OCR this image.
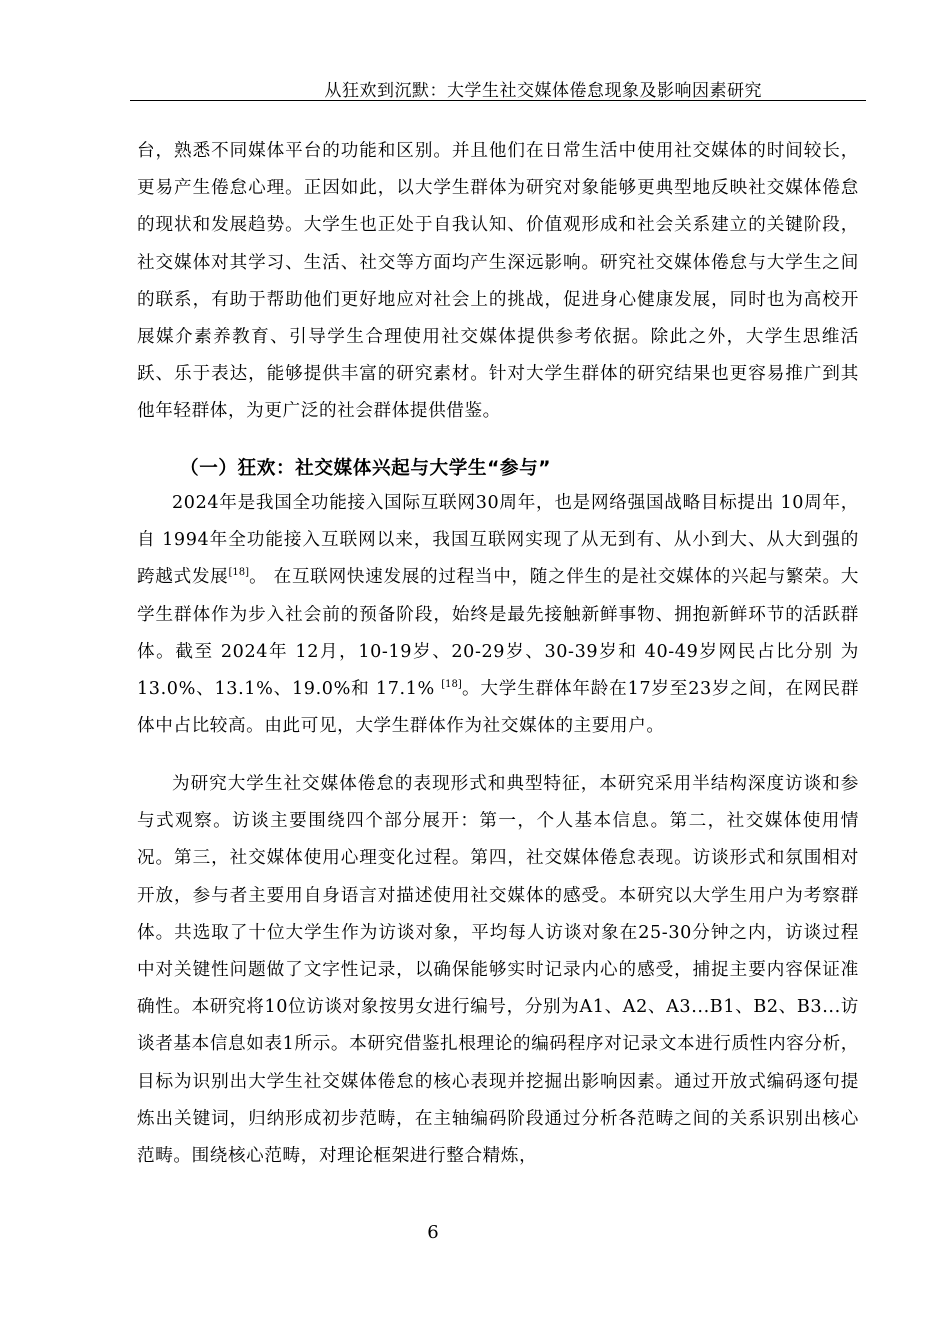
从狂欢到沉默：大学生社交媒体倦怠现象及影响因素研究

台，熟悉不同媒体平台的功能和区别。并且他们在日常生活中使用社交媒体的时间较长，更易产生倦怠心理。正因如此，以大学生群体为研究对象能够更典型地反映社交媒体倦怠的现状和发展趋势。大学生也正处于自我认知、价值观形成和社会关系建立的关键阶段，社交媒体对其学习、生活、社交等方面均产生深远影响。研究社交媒体倦怠与大学生之间的联系，有助于帮助他们更好地应对社会上的挑战，促进身心健康发展，同时也为高校开展媒介素养教育、引导学生合理使用社交媒体提供参考依据。除此之外，大学生思维活跃、乐于表达，能够提供丰富的研究素材。针对大学生群体的研究结果也更容易推广到其他年轻群体，为更广泛的社会群体提供借鉴。

（一）狂欢：社交媒体兴起与大学生“参与”

2024年是我国全功能接入国际互联网30周年，也是网络强国战略目标提出 10周年，自 1994年全功能接入互联网以来，我国互联网实现了从无到有、从小到大、从大到强的跨越式发展[18]。 在互联网快速发展的过程当中，随之伴生的是社交媒体的兴起与繁荣。大学生群体作为步入社会前的预备阶段，始终是最先接触新鲜事物、拥抱新鲜环节的活跃群体。截至 2024年 12月，10-19岁、20-29岁、30-39岁和 40-49岁网民占比分别 为 13.0%、13.1%、19.0%和 17.1% [18]。大学生群体年龄在17岁至23岁之间，在网民群体中占比较高。由此可见，大学生群体作为社交媒体的主要用户。

为研究大学生社交媒体倦怠的表现形式和典型特征，本研究采用半结构深度访谈和参与式观察。访谈主要围绕四个部分展开：第一，个人基本信息。第二，社交媒体使用情况。第三，社交媒体使用心理变化过程。第四，社交媒体倦怠表现。访谈形式和氛围相对开放，参与者主要用自身语言对描述使用社交媒体的感受。本研究以大学生用户为考察群体。共选取了十位大学生作为访谈对象，平均每人访谈对象在25-30分钟之内，访谈过程中对关键性问题做了文字性记录，以确保能够实时记录内心的感受，捕捉主要内容保证准确性。本研究将10位访谈对象按男女进行编号，分别为A1、A2、A3...B1、B2、B3...访谈者基本信息如表1所示。本研究借鉴扎根理论的编码程序对记录文本进行质性内容分析，目标为识别出大学生社交媒体倦怠的核心表现并挖掘出影响因素。通过开放式编码逐句提炼出关键词，归纳形成初步范畴，在主轴编码阶段通过分析各范畴之间的关系识别出核心范畴。围绕核心范畴，对理论框架进行整合精炼，

6
